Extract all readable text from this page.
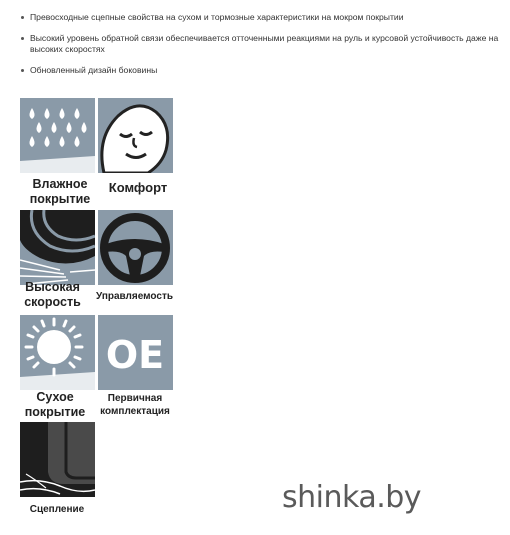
Превосходные сцепные свойства на сухом и тормозные характеристики на мокром покрытии
Высокий уровень обратной связи обеспечивается отточенными реакциями на руль и курсовой устойчивость даже на высоких скоростях
Обновленный дизайн боковины
Влажное
покрытие
Комфорт
Высокая
скорость	Управляемость
Сухое
покрытие
OE
Первичная
комплектация
Сцепление	shinka.by
